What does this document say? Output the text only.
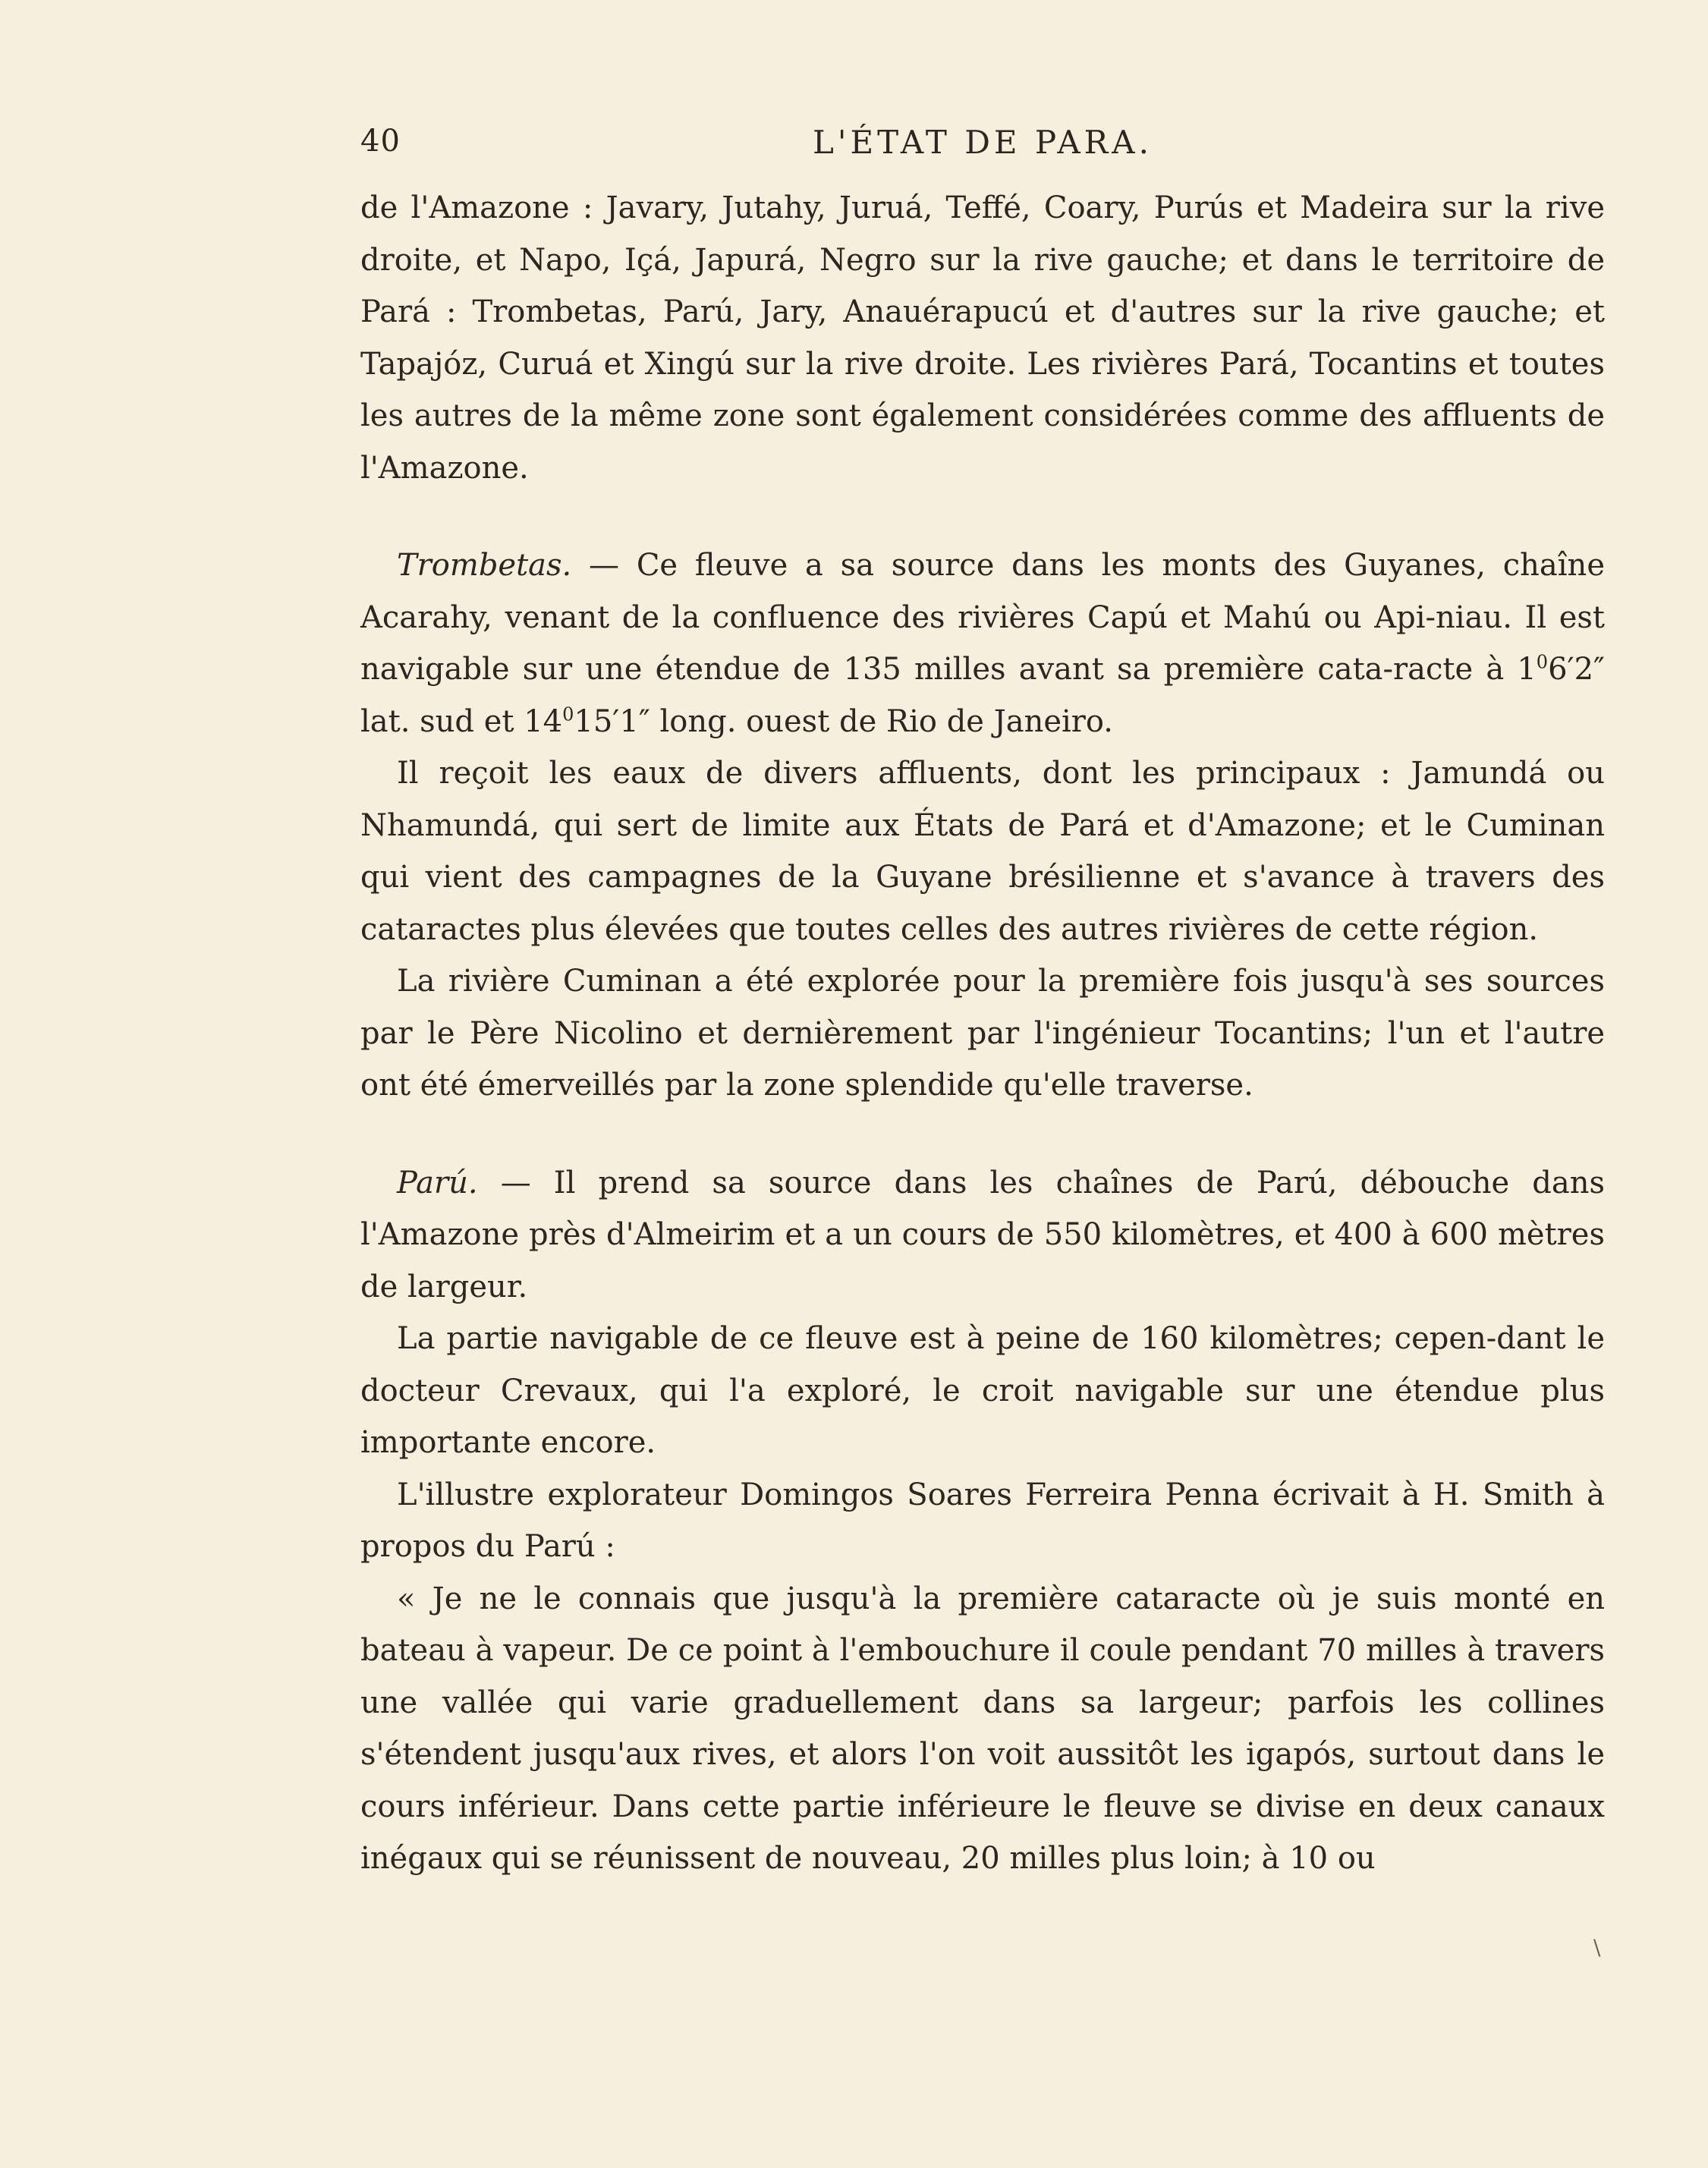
40	L'ÉTAT DE PARA.

de l'Amazone : Javary, Jutahy, Juruá, Teffé, Coary, Purús et Madeira sur la rive droite, et Napo, Içá, Japurá, Negro sur la rive gauche; et dans le territoire de Pará : Trombetas, Parú, Jary, Anauérapucú et d'autres sur la rive gauche; et Tapajóz, Curuá et Xingú sur la rive droite. Les rivières Pará, Tocantins et toutes les autres de la même zone sont également considérées comme des affluents de l'Amazone.

Trombetas. — Ce fleuve a sa source dans les monts des Guyanes, chaîne Acarahy, venant de la confluence des rivières Capú et Mahú ou Api-niau. Il est navigable sur une étendue de 135 milles avant sa première cata-racte à $1^06'2''$ lat. sud et $14^015'1''$ long. ouest de Rio de Janeiro.

Il reçoit les eaux de divers affluents, dont les principaux : Jamundá ou Nhamundá, qui sert de limite aux États de Pará et d'Amazone; et le Cuminan qui vient des campagnes de la Guyane brésilienne et s'avance à travers des cataractes plus élevées que toutes celles des autres rivières de cette région.

La rivière Cuminan a été explorée pour la première fois jusqu'à ses sources par le Père Nicolino et dernièrement par l'ingénieur Tocantins; l'un et l'autre ont été émerveillés par la zone splendide qu'elle traverse.

Parú. — Il prend sa source dans les chaînes de Parú, débouche dans l'Amazone près d'Almeirim et a un cours de 550 kilomètres, et 400 à 600 mètres de largeur.

La partie navigable de ce fleuve est à peine de 160 kilomètres; cepen-dant le docteur Crevaux, qui l'a exploré, le croit navigable sur une étendue plus importante encore.

L'illustre explorateur Domingos Soares Ferreira Penna écrivait à H. Smith à propos du Parú :

« Je ne le connais que jusqu'à la première cataracte où je suis monté en bateau à vapeur. De ce point à l'embouchure il coule pendant 70 milles à travers une vallée qui varie graduellement dans sa largeur; parfois les collines s'étendent jusqu'aux rives, et alors l'on voit aussitôt les igapós, surtout dans le cours inférieur. Dans cette partie inférieure le fleuve se divise en deux canaux inégaux qui se réunissent de nouveau, 20 milles plus loin; à 10 ou

\
